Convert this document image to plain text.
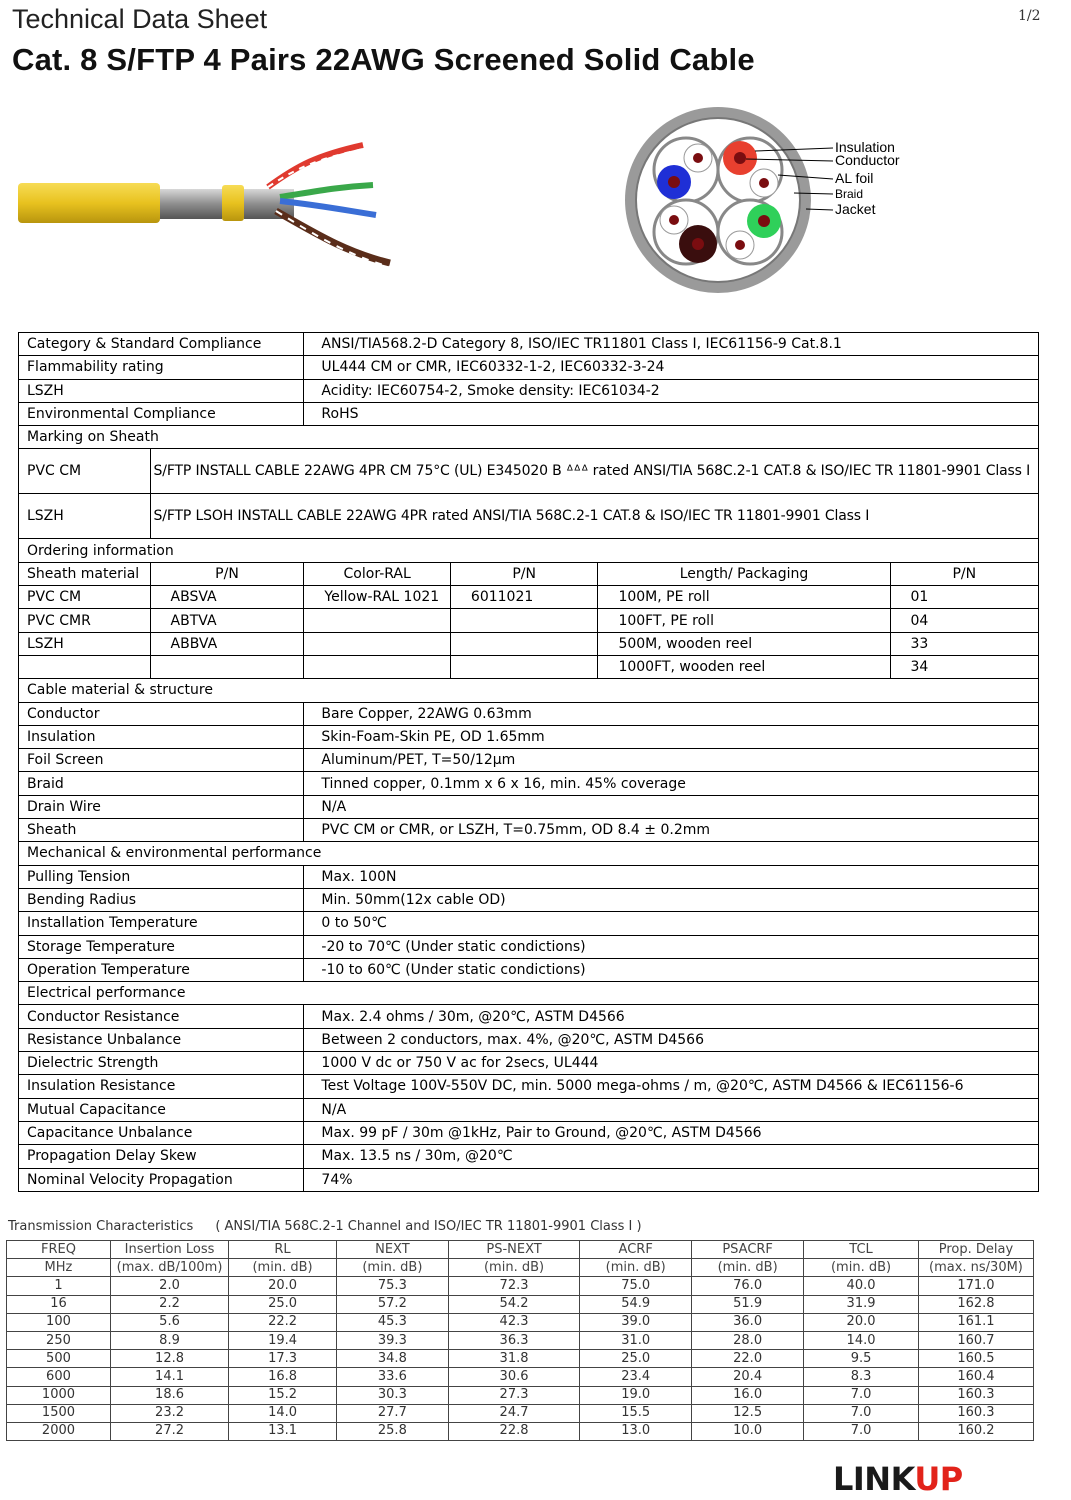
1/2
Technical Data Sheet
Cat. 8 S/FTP 4 Pairs 22AWG Screened Solid Cable
Insulation
Conductor
AL foil
Braid
Jacket
Category & Standard Compliance		ANSI/TIA568.2-D Category 8, ISO/IEC TR11801 Class I, IEC61156-9 Cat.8.1			
Flammability rating		UL444 CM or CMR, IEC60332-1-2, IEC60332-3-24			
LSZH		Acidity: IEC60754-2, Smoke density: IEC61034-2			
Environmental Compliance		RoHS			
Marking on Sheath					
PVC CM	S/FTP INSTALL CABLE 22AWG 4PR CM 75°C (UL) E345020 B ᐞᐞᐞ rated ANSI/TIA 568C.2-1 CAT.8 & ISO/IEC TR 11801-9901 Class I				
LSZH	S/FTP LSOH INSTALL CABLE 22AWG 4PR rated ANSI/TIA 568C.2-1 CAT.8 & ISO/IEC TR 11801-9901 Class I				
Ordering information					
Sheath material	P/N	Color-RAL	P/N	Length/ Packaging	P/N
PVC CM	ABSVA	Yellow-RAL 1021	6011021	100M, PE roll	01
PVC CMR	ABTVA			100FT, PE roll	04
LSZH	ABBVA			500M, wooden reel	33
				1000FT, wooden reel	34
Cable material & structure					
Conductor		Bare Copper, 22AWG 0.63mm			
Insulation		Skin-Foam-Skin PE, OD 1.65mm			
Foil Screen		Aluminum/PET, T=50/12μm			
Braid		Tinned copper, 0.1mm x 6 x 16, min. 45% coverage			
Drain Wire		N/A			
Sheath		PVC CM or CMR, or LSZH, T=0.75mm, OD 8.4 ± 0.2mm			
Mechanical & environmental performance					
Pulling Tension		Max. 100N			
Bending Radius		Min. 50mm(12x cable OD)			
Installation Temperature		0 to 50℃			
Storage Temperature		-20 to 70℃ (Under static condictions)			
Operation Temperature		-10 to 60℃ (Under static condictions)			
Electrical performance					
Conductor Resistance		Max. 2.4 ohms / 30m, @20℃, ASTM D4566			
Resistance Unbalance		Between 2 conductors, max. 4%, @20℃, ASTM D4566			
Dielectric Strength		1000 V dc or 750 V ac for 2secs, UL444			
Insulation Resistance		Test Voltage 100V-550V DC, min. 5000 mega-ohms / m, @20℃, ASTM D4566 & IEC61156-6			
Mutual Capacitance		N/A			
Capacitance Unbalance		Max. 99 pF / 30m @1kHz, Pair to Ground, @20℃, ASTM D4566			
Propagation Delay Skew		Max. 13.5 ns / 30m, @20℃			
Nominal Velocity Propagation		74%			
Transmission Characteristics ( ANSI/TIA 568C.2-1 Channel and ISO/IEC TR 11801-9901 Class I )
FREQ	Insertion Loss	RL	NEXT	PS-NEXT	ACRF	PSACRF	TCL	Prop. Delay
MHz	(max. dB/100m)	(min. dB)	(min. dB)	(min. dB)	(min. dB)	(min. dB)	(min. dB)	(max. ns/30M)
1	2.0	20.0	75.3	72.3	75.0	76.0	40.0	171.0
16	2.2	25.0	57.2	54.2	54.9	51.9	31.9	162.8
100	5.6	22.2	45.3	42.3	39.0	36.0	20.0	161.1
250	8.9	19.4	39.3	36.3	31.0	28.0	14.0	160.7
500	12.8	17.3	34.8	31.8	25.0	22.0	9.5	160.5
600	14.1	16.8	33.6	30.6	23.4	20.4	8.3	160.4
1000	18.6	15.2	30.3	27.3	19.0	16.0	7.0	160.3
1500	23.2	14.0	27.7	24.7	15.5	12.5	7.0	160.3
2000	27.2	13.1	25.8	22.8	13.0	10.0	7.0	160.2
LINKUP
